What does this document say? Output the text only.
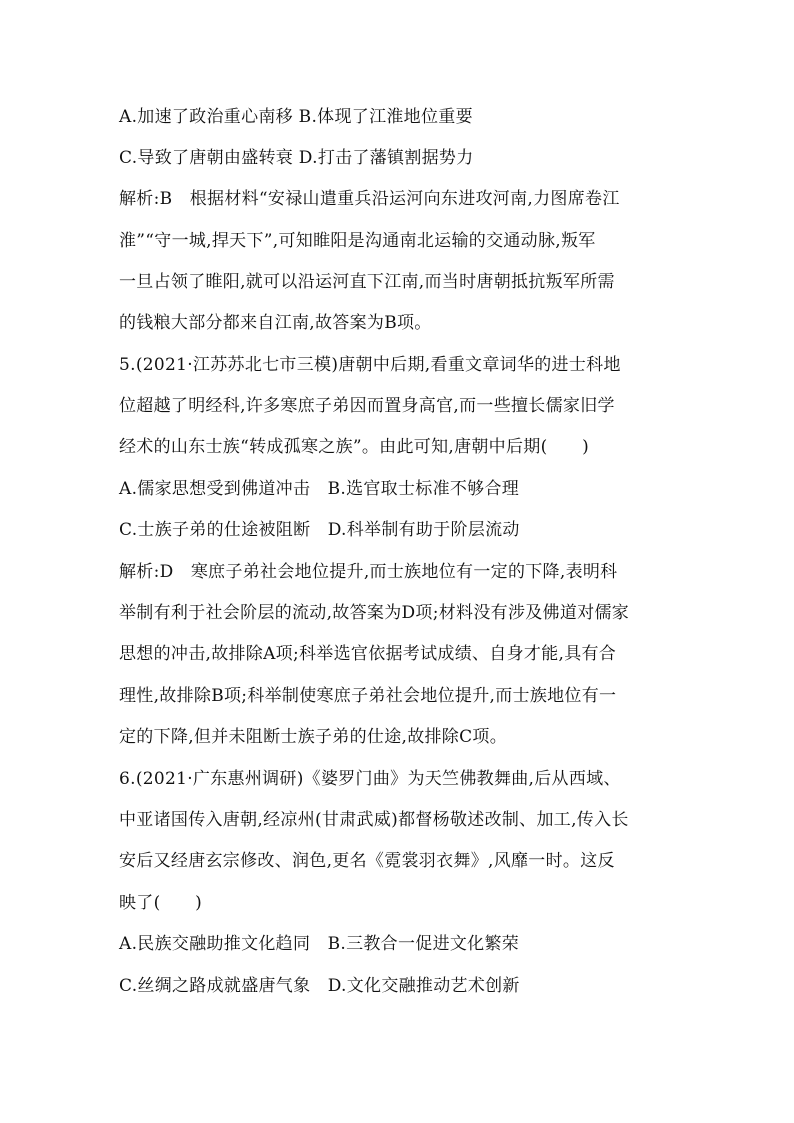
A.加速了政治重心南移 B.体现了江淮地位重要
C.导致了唐朝由盛转衰 D.打击了藩镇割据势力
解析:B　根据材料“安禄山遣重兵沿运河向东进攻河南,力图席卷江
淮”“守一城,捍天下”,可知睢阳是沟通南北运输的交通动脉,叛军
一旦占领了睢阳,就可以沿运河直下江南,而当时唐朝抵抗叛军所需
的钱粮大部分都来自江南,故答案为B项。
5.(2021·江苏苏北七市三模)唐朝中后期,看重文章词华的进士科地
位超越了明经科,许多寒庶子弟因而置身高官,而一些擅长儒家旧学
经术的山东士族“转成孤寒之族”。由此可知,唐朝中后期(　　)
A.儒家思想受到佛道冲击　B.选官取士标准不够合理
C.士族子弟的仕途被阻断　D.科举制有助于阶层流动
解析:D　寒庶子弟社会地位提升,而士族地位有一定的下降,表明科
举制有利于社会阶层的流动,故答案为D项;材料没有涉及佛道对儒家
思想的冲击,故排除A项;科举选官依据考试成绩、自身才能,具有合
理性,故排除B项;科举制使寒庶子弟社会地位提升,而士族地位有一
定的下降,但并未阻断士族子弟的仕途,故排除C项。
6.(2021·广东惠州调研)《婆罗门曲》为天竺佛教舞曲,后从西域、
中亚诸国传入唐朝,经凉州(甘肃武威)都督杨敬述改制、加工,传入长
安后又经唐玄宗修改、润色,更名《霓裳羽衣舞》,风靡一时。这反
映了(　　)
A.民族交融助推文化趋同　B.三教合一促进文化繁荣
C.丝绸之路成就盛唐气象　D.文化交融推动艺术创新
